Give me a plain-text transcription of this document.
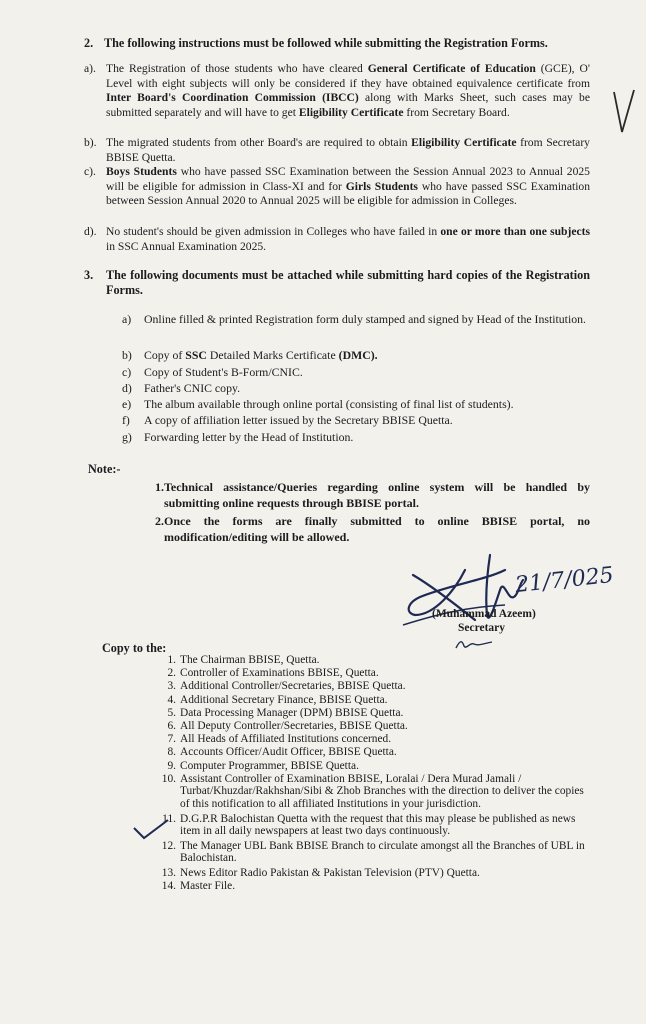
2. The following instructions must be followed while submitting the Registration Forms.
a). The Registration of those students who have cleared General Certificate of Education (GCE), O' Level with eight subjects will only be considered if they have obtained equivalence certificate from Inter Board's Coordination Commission (IBCC) along with Marks Sheet, such cases may be submitted separately and will have to get Eligibility Certificate from Secretary Board.
b). The migrated students from other Board's are required to obtain Eligibility Certificate from Secretary BBISE Quetta.
c). Boys Students who have passed SSC Examination between the Session Annual 2023 to Annual 2025 will be eligible for admission in Class-XI and for Girls Students who have passed SSC Examination between Session Annual 2020 to Annual 2025 will be eligible for admission in Colleges.
d). No student's should be given admission in Colleges who have failed in one or more than one subjects in SSC Annual Examination 2025.
3. The following documents must be attached while submitting hard copies of the Registration Forms.
a) Online filled & printed Registration form duly stamped and signed by Head of the Institution.
b) Copy of SSC Detailed Marks Certificate (DMC).
c) Copy of Student's B-Form/CNIC.
d) Father's CNIC copy.
e) The album available through online portal (consisting of final list of students).
f) A copy of affiliation letter issued by the Secretary BBISE Quetta.
g) Forwarding letter by the Head of Institution.
Note:-
1. Technical assistance/Queries regarding online system will be handled by submitting online requests through BBISE portal.
2. Once the forms are finally submitted to online BBISE portal, no modification/editing will be allowed.
21/7/025
(Muhammad Azeem)
Secretary
Copy to the:
1. The Chairman BBISE, Quetta.
2. Controller of Examinations BBISE, Quetta.
3. Additional Controller/Secretaries, BBISE Quetta.
4. Additional Secretary Finance, BBISE Quetta.
5. Data Processing Manager (DPM) BBISE Quetta.
6. All Deputy Controller/Secretaries, BBISE Quetta.
7. All Heads of Affiliated Institutions concerned.
8. Accounts Officer/Audit Officer, BBISE Quetta.
9. Computer Programmer, BBISE Quetta.
10. Assistant Controller of Examination BBISE, Loralai / Dera Murad Jamali / Turbat/Khuzdar/Rakhshan/Sibi & Zhob Branches with the direction to deliver the copies of this notification to all affiliated Institutions in your jurisdiction.
11. D.G.P.R Balochistan Quetta with the request that this may please be published as news item in all daily newspapers at least two days continuously.
12. The Manager UBL Bank BBISE Branch to circulate amongst all the Branches of UBL in Balochistan.
13. News Editor Radio Pakistan & Pakistan Television (PTV) Quetta.
14. Master File.
